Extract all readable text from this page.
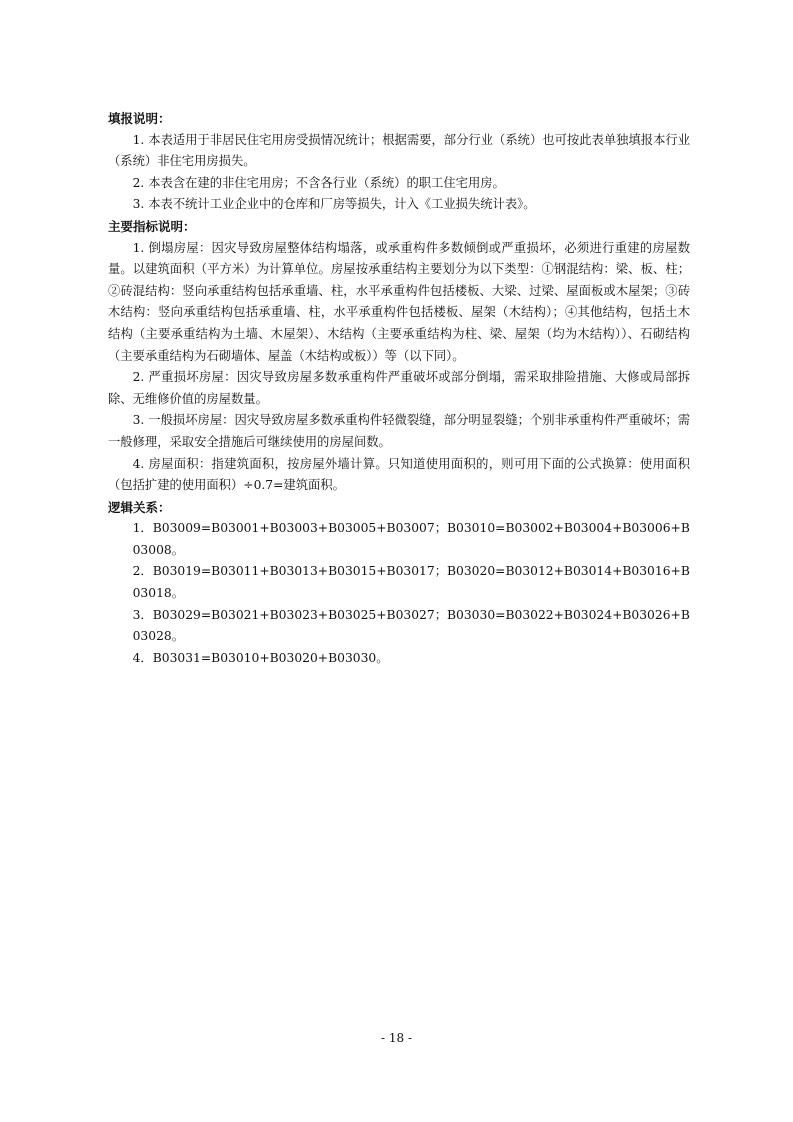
填报说明：

1. 本表适用于非居民住宅用房受损情况统计；根据需要，部分行业（系统）也可按此表单独填报本行业（系统）非住宅用房损失。

2. 本表含在建的非住宅用房；不含各行业（系统）的职工住宅用房。

3. 本表不统计工业企业中的仓库和厂房等损失，计入《工业损失统计表》。

主要指标说明：

1. 倒塌房屋：因灾导致房屋整体结构塌落，或承重构件多数倾倒或严重损坏，必须进行重建的房屋数量。以建筑面积（平方米）为计算单位。房屋按承重结构主要划分为以下类型：①钢混结构：梁、板、柱；②砖混结构：竖向承重结构包括承重墙、柱，水平承重构件包括楼板、大梁、过梁、屋面板或木屋架；③砖木结构：竖向承重结构包括承重墙、柱，水平承重构件包括楼板、屋架（木结构）；④其他结构，包括土木结构（主要承重结构为土墙、木屋架）、木结构（主要承重结构为柱、梁、屋架（均为木结构））、石砌结构（主要承重结构为石砌墙体、屋盖（木结构或板））等（以下同）。

2. 严重损坏房屋：因灾导致房屋多数承重构件严重破坏或部分倒塌，需采取排险措施、大修或局部拆除、无维修价值的房屋数量。

3. 一般损坏房屋：因灾导致房屋多数承重构件轻微裂缝，部分明显裂缝；个别非承重构件严重破坏；需一般修理，采取安全措施后可继续使用的房屋间数。

4. 房屋面积：指建筑面积，按房屋外墙计算。只知道使用面积的，则可用下面的公式换算：使用面积（包括扩建的使用面积）÷0.7=建筑面积。

逻辑关系：

1．B03009=B03001+B03003+B03005+B03007；B03010=B03002+B03004+B03006+B03008。

2．B03019=B03011+B03013+B03015+B03017；B03020=B03012+B03014+B03016+B03018。

3．B03029=B03021+B03023+B03025+B03027；B03030=B03022+B03024+B03026+B03028。

4．B03031=B03010+B03020+B03030。

- 18 -
